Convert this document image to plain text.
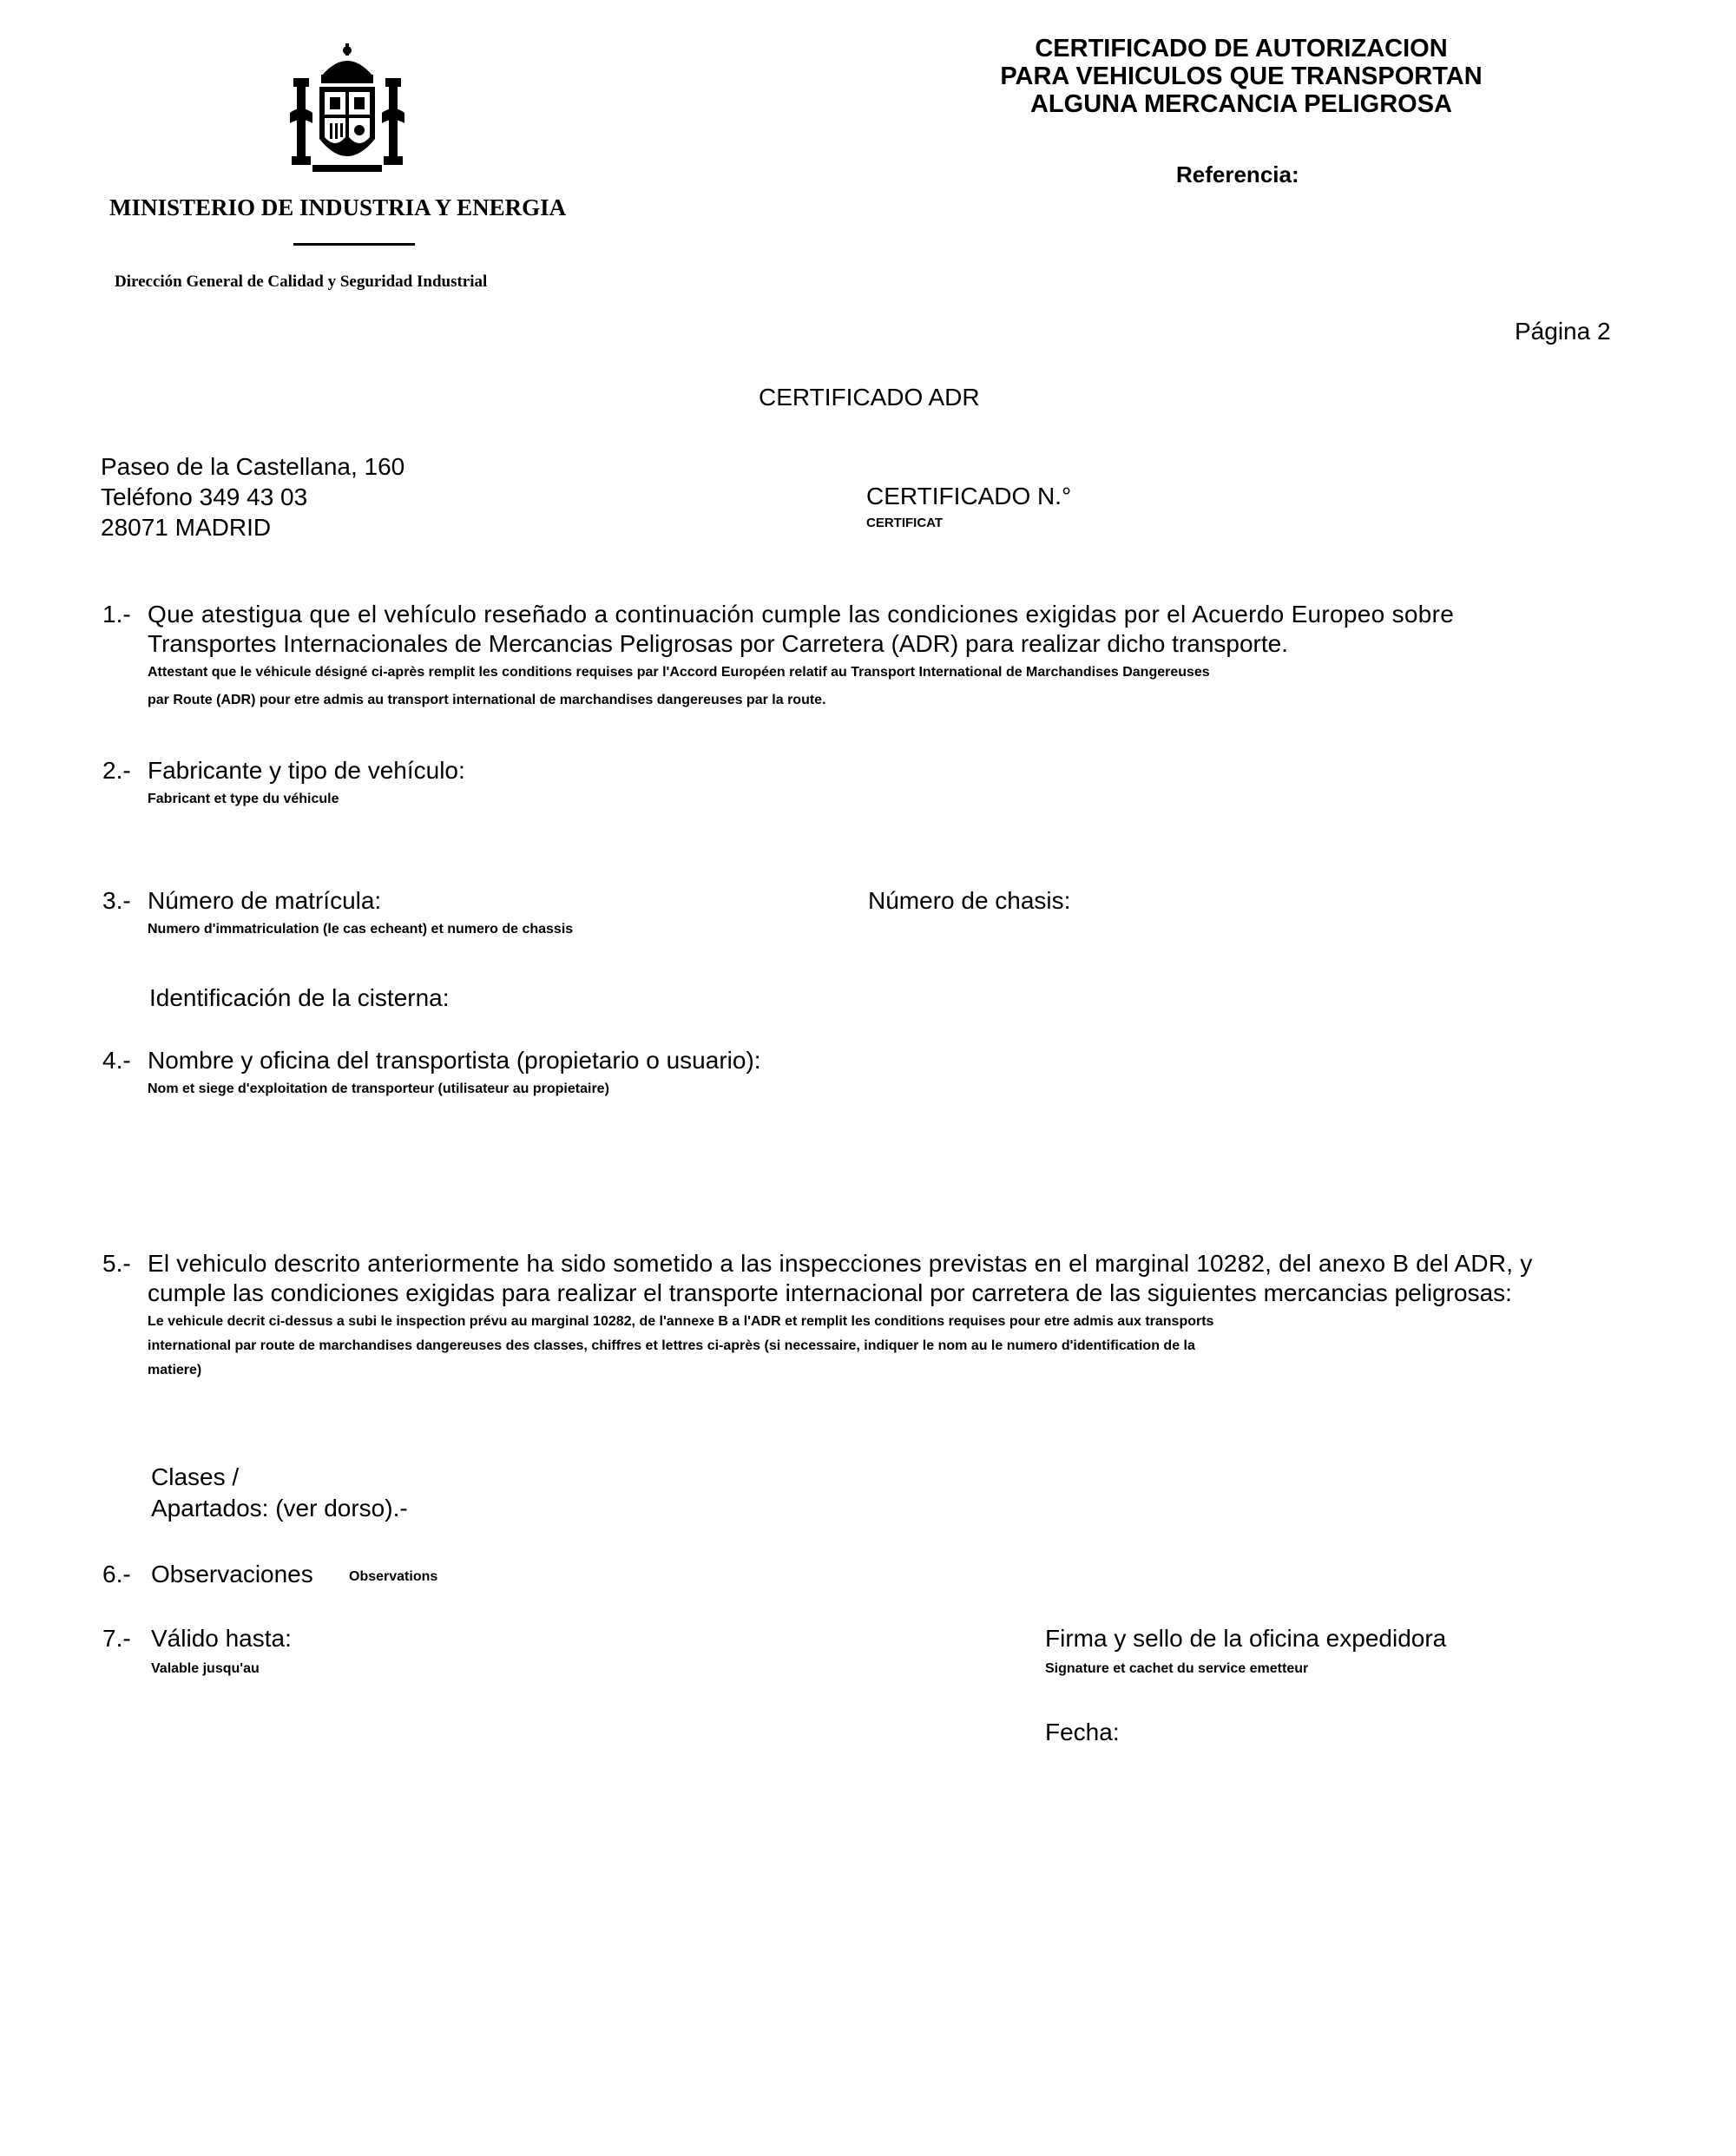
MINISTERIO DE INDUSTRIA Y ENERGIA
Dirección General de Calidad y Seguridad Industrial
CERTIFICADO DE AUTORIZACION
PARA VEHICULOS QUE TRANSPORTAN
ALGUNA MERCANCIA PELIGROSA
Referencia:
Página 2
CERTIFICADO ADR
Paseo de la Castellana, 160
Teléfono 349 43 03
28071 MADRID
CERTIFICADO N.°
CERTIFICAT
1.- Que atestigua que el vehículo reseñado a continuación cumple las condiciones exigidas por el Acuerdo Europeo sobre
Transportes Internacionales de Mercancias Peligrosas por Carretera (ADR) para realizar dicho transporte.
Attestant que le véhicule désigné ci-après remplit les conditions requises par l'Accord Européen relatif au Transport International de Marchandises Dangereuses
par Route (ADR) pour etre admis au transport international de marchandises dangereuses par la route.
2.- Fabricante y tipo de vehículo:
Fabricant et type du véhicule
3.- Número de matrícula:
Numero d'immatriculation (le cas echeant) et numero de chassis
Número de chasis:
Identificación de la cisterna:
4.- Nombre y oficina del transportista (propietario o usuario):
Nom et siege d'exploitation de transporteur (utilisateur au propietaire)
5.- El vehiculo descrito anteriormente ha sido sometido a las inspecciones previstas en el marginal 10282, del anexo B del ADR, y
cumple las condiciones exigidas para realizar el transporte internacional por carretera de las siguientes mercancias peligrosas:
Le vehicule decrit ci-dessus a subi le inspection prévu au marginal 10282, de l'annexe B a l'ADR et remplit les conditions requises pour etre admis aux transports
international par route de marchandises dangereuses des classes, chiffres et lettres ci-après (si necessaire, indiquer le nom au le numero d'identification de la
matiere)
Clases /
Apartados: (ver dorso).-
6.- Observaciones	Observations
7.- Válido hasta:
Valable jusqu'au
Firma y sello de la oficina expedidora
Signature et cachet du service emetteur
Fecha:
